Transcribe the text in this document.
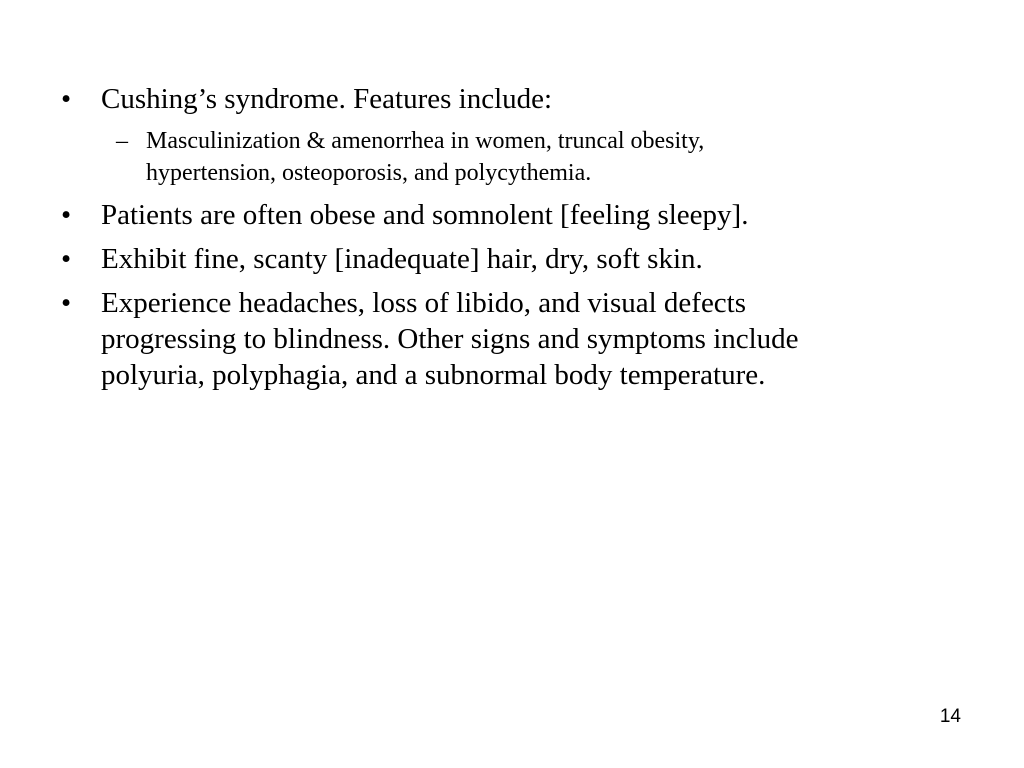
•	Cushing’s syndrome. Features include:
– Masculinization & amenorrhea in women, truncal obesity,
hypertension, osteoporosis, and polycythemia.
•	Patients are often obese and somnolent [feeling sleepy].
•	Exhibit fine, scanty [inadequate] hair, dry, soft skin.
•	Experience headaches, loss of libido, and visual defects
progressing to blindness. Other signs and symptoms include
polyuria, polyphagia, and a subnormal body temperature.
14
